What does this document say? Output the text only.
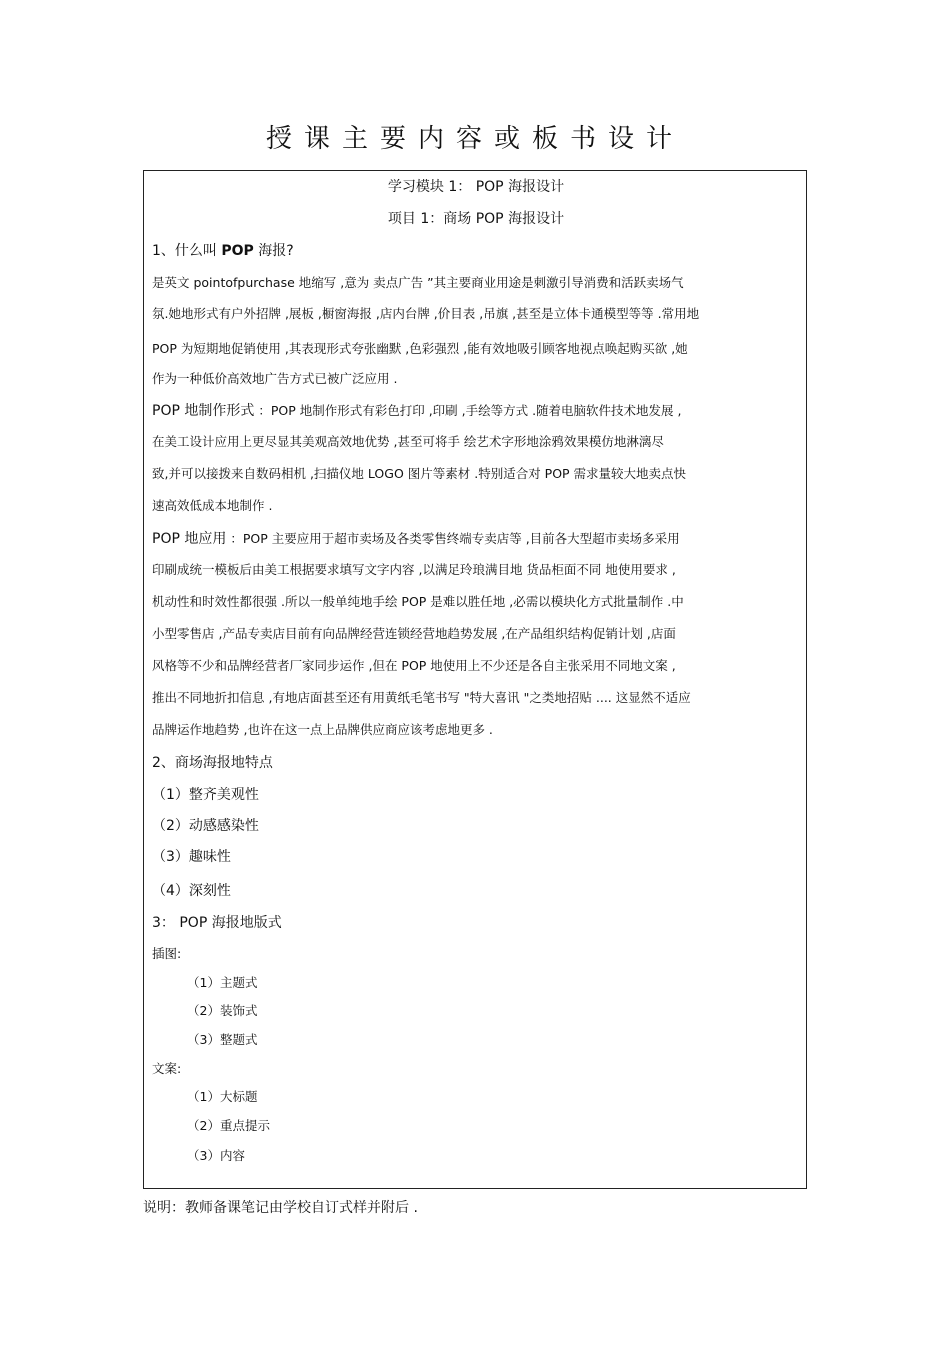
授课主要内容或板书设计
学习模块 1： POP 海报设计
项目 1：商场 POP 海报设计
1、什么叫 POP 海报?
是英文 pointofpurchase 地缩写 ,意为 卖点广告 ”其主要商业用途是刺激引导消费和活跃卖场气
氛.她地形式有户外招牌 ,展板 ,橱窗海报 ,店内台牌 ,价目表 ,吊旗 ,甚至是立体卡通模型等等 .常用地
POP 为短期地促销使用 ,其表现形式夸张幽默 ,色彩强烈 ,能有效地吸引顾客地视点唤起购买欲 ,她
作为一种低价高效地广告方式已被广泛应用 .
POP 地制作形式 ：POP 地制作形式有彩色打印 ,印刷 ,手绘等方式 .随着电脑软件技术地发展 ,
在美工设计应用上更尽显其美观高效地优势 ,甚至可将手 绘艺术字形地涂鸦效果模仿地淋漓尽
致,并可以接拨来自数码相机 ,扫描仪地 LOGO 图片等素材 .特别适合对 POP 需求量较大地卖点快
速高效低成本地制作 .
POP 地应用 ：POP 主要应用于超市卖场及各类零售终端专卖店等 ,目前各大型超市卖场多采用
印刷成统一模板后由美工根据要求填写文字内容 ,以满足玲琅满目地 货品柜面不同 地使用要求 ,
机动性和时效性都很强 .所以一般单纯地手绘 POP 是难以胜任地 ,必需以模块化方式批量制作 .中
小型零售店 ,产品专卖店目前有向品牌经营连锁经营地趋势发展 ,在产品组织结构促销计划 ,店面
风格等不少和品牌经营者厂家同步运作 ,但在 POP 地使用上不少还是各自主张采用不同地文案 ,
推出不同地折扣信息 ,有地店面甚至还有用黄纸毛笔书写 "特大喜讯 "之类地招贴 .... 这显然不适应
品牌运作地趋势 ,也许在这一点上品牌供应商应该考虑地更多 .
2、商场海报地特点
（1）整齐美观性
（2）动感感染性
（3）趣味性
（4）深刻性
3： POP 海报地版式
插图:
（1）主题式
（2）装饰式
（3）整题式
文案:
（1）大标题
（2）重点提示
（3）内容
说明：教师备课笔记由学校自订式样并附后 .
